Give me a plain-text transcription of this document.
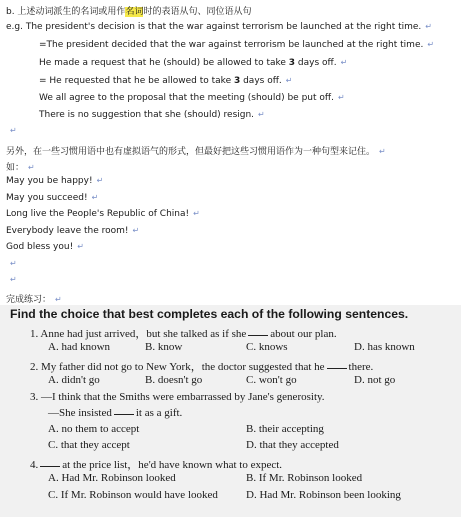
b. 上述动词派生的名词或用作名词时的表语从句、同位语从句
e.g. The president's decision is that the war against terrorism be launched at the right time. ↵
=The president decided that the war against terrorism be launched at the right time. ↵
He made a request that he (should) be allowed to take 3 days off. ↵
= He requested that he be allowed to take 3 days off. ↵
We all agree to the proposal that the meeting (should) be put off. ↵
There is no suggestion that she (should) resign. ↵
↵
另外，在一些习惯用语中也有虚拟语气的形式，但最好把这些习惯用语作为一种句型来记住。 ↵
如： ↵
May you be happy! ↵
May you succeed! ↵
Long live the People's Republic of China! ↵
Everybody leave the room! ↵
God bless you! ↵
↵
↵
完成练习： ↵
Find the choice that best completes each of the following sentences.
1. Anne had just arrived，but she talked as if she about our plan.
A. had known	B. know	C. knows	D. has known
2. My father did not go to New York，the doctor suggested that he there.
A. didn't go	B. doesn't go	C. won't go	D. not go
3. —I think that the Smiths were embarrassed by Jane's generosity.
—She insisted it as a gift.
A. no them to accept	B. their accepting
C. that they accept	D. that they accepted
4. at the price list，he'd have known what to expect.
A. Had Mr. Robinson looked	B. If Mr. Robinson looked
C. If Mr. Robinson would have looked	D. Had Mr. Robinson been looking
